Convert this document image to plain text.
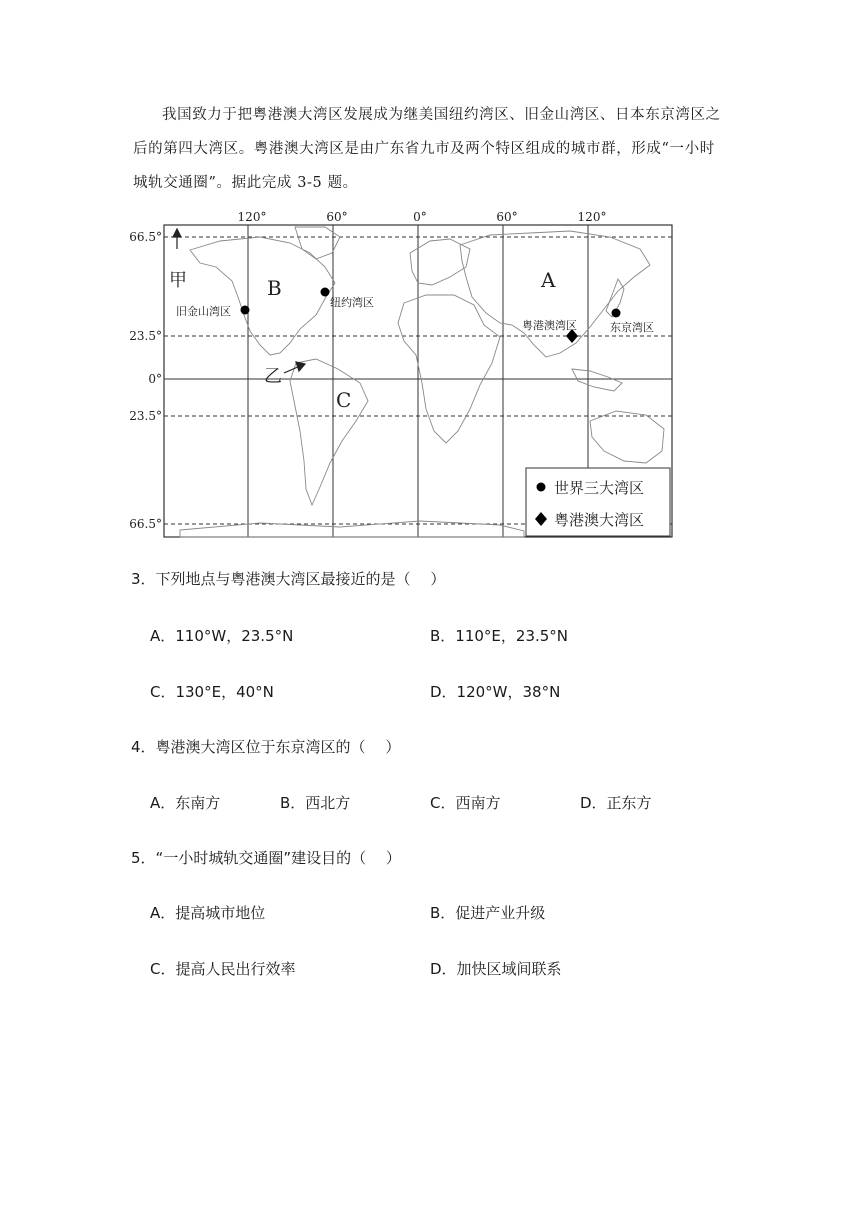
我国致力于把粤港澳大湾区发展成为继美国纽约湾区、旧金山湾区、日本东京湾区之后的第四大湾区。粤港澳大湾区是由广东省九市及两个特区组成的城市群，形成“一小时城轨交通圈”。据此完成 3-5 题。

120°	60°	0°	60°	120°
66.5°
23.5°
0°
23.5°
66.5°
A
B
C
甲
乙
旧金山湾区
纽约湾区
粤港澳湾区	东京湾区
世界三大湾区
粤港澳大湾区
3．下列地点与粤港澳大湾区最接近的是（　 ）
A．110°W，23.5°N	B．110°E，23.5°N
C．130°E，40°N	D．120°W，38°N
4．粤港澳大湾区位于东京湾区的（　 ）
A．东南方	B．西北方	C．西南方	D．正东方
5．“一小时城轨交通圈”建设目的（　 ）
A．提高城市地位	B．促进产业升级
C．提高人民出行效率	D．加快区域间联系
